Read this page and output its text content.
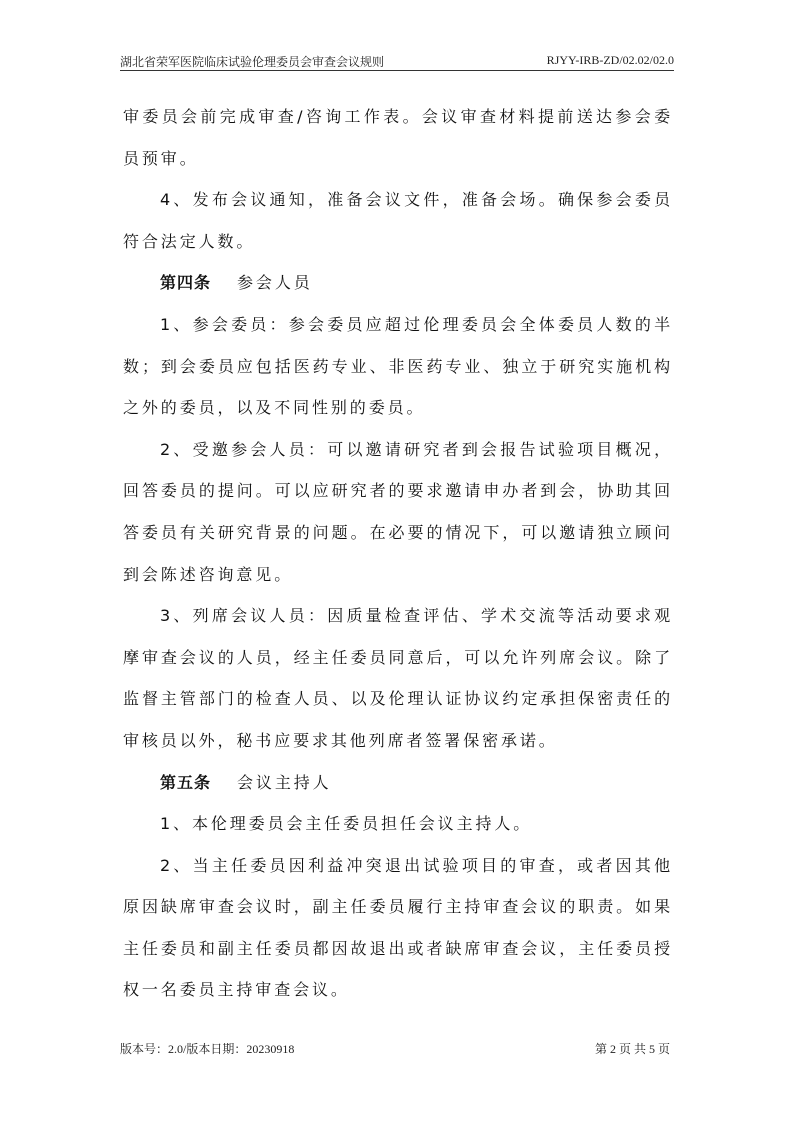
湖北省荣军医院临床试验伦理委员会审查会议规则	RJYY-IRB-ZD/02.02/02.0

审委员会前完成审查/咨询工作表。会议审查材料提前送达参会委员预审。

4、发布会议通知，准备会议文件，准备会场。确保参会委员符合法定人数。

第四条 参会人员

1、参会委员：参会委员应超过伦理委员会全体委员人数的半数；到会委员应包括医药专业、非医药专业、独立于研究实施机构之外的委员，以及不同性别的委员。

2、受邀参会人员：可以邀请研究者到会报告试验项目概况，回答委员的提问。可以应研究者的要求邀请申办者到会，协助其回答委员有关研究背景的问题。在必要的情况下，可以邀请独立顾问到会陈述咨询意见。

3、列席会议人员：因质量检查评估、学术交流等活动要求观摩审查会议的人员，经主任委员同意后，可以允许列席会议。除了监督主管部门的检查人员、以及伦理认证协议约定承担保密责任的审核员以外，秘书应要求其他列席者签署保密承诺。

第五条 会议主持人

1、本伦理委员会主任委员担任会议主持人。

2、当主任委员因利益冲突退出试验项目的审查，或者因其他原因缺席审查会议时，副主任委员履行主持审查会议的职责。如果主任委员和副主任委员都因故退出或者缺席审查会议，主任委员授权一名委员主持审查会议。

版本号：2.0/版本日期：20230918	第 2 页 共 5 页
